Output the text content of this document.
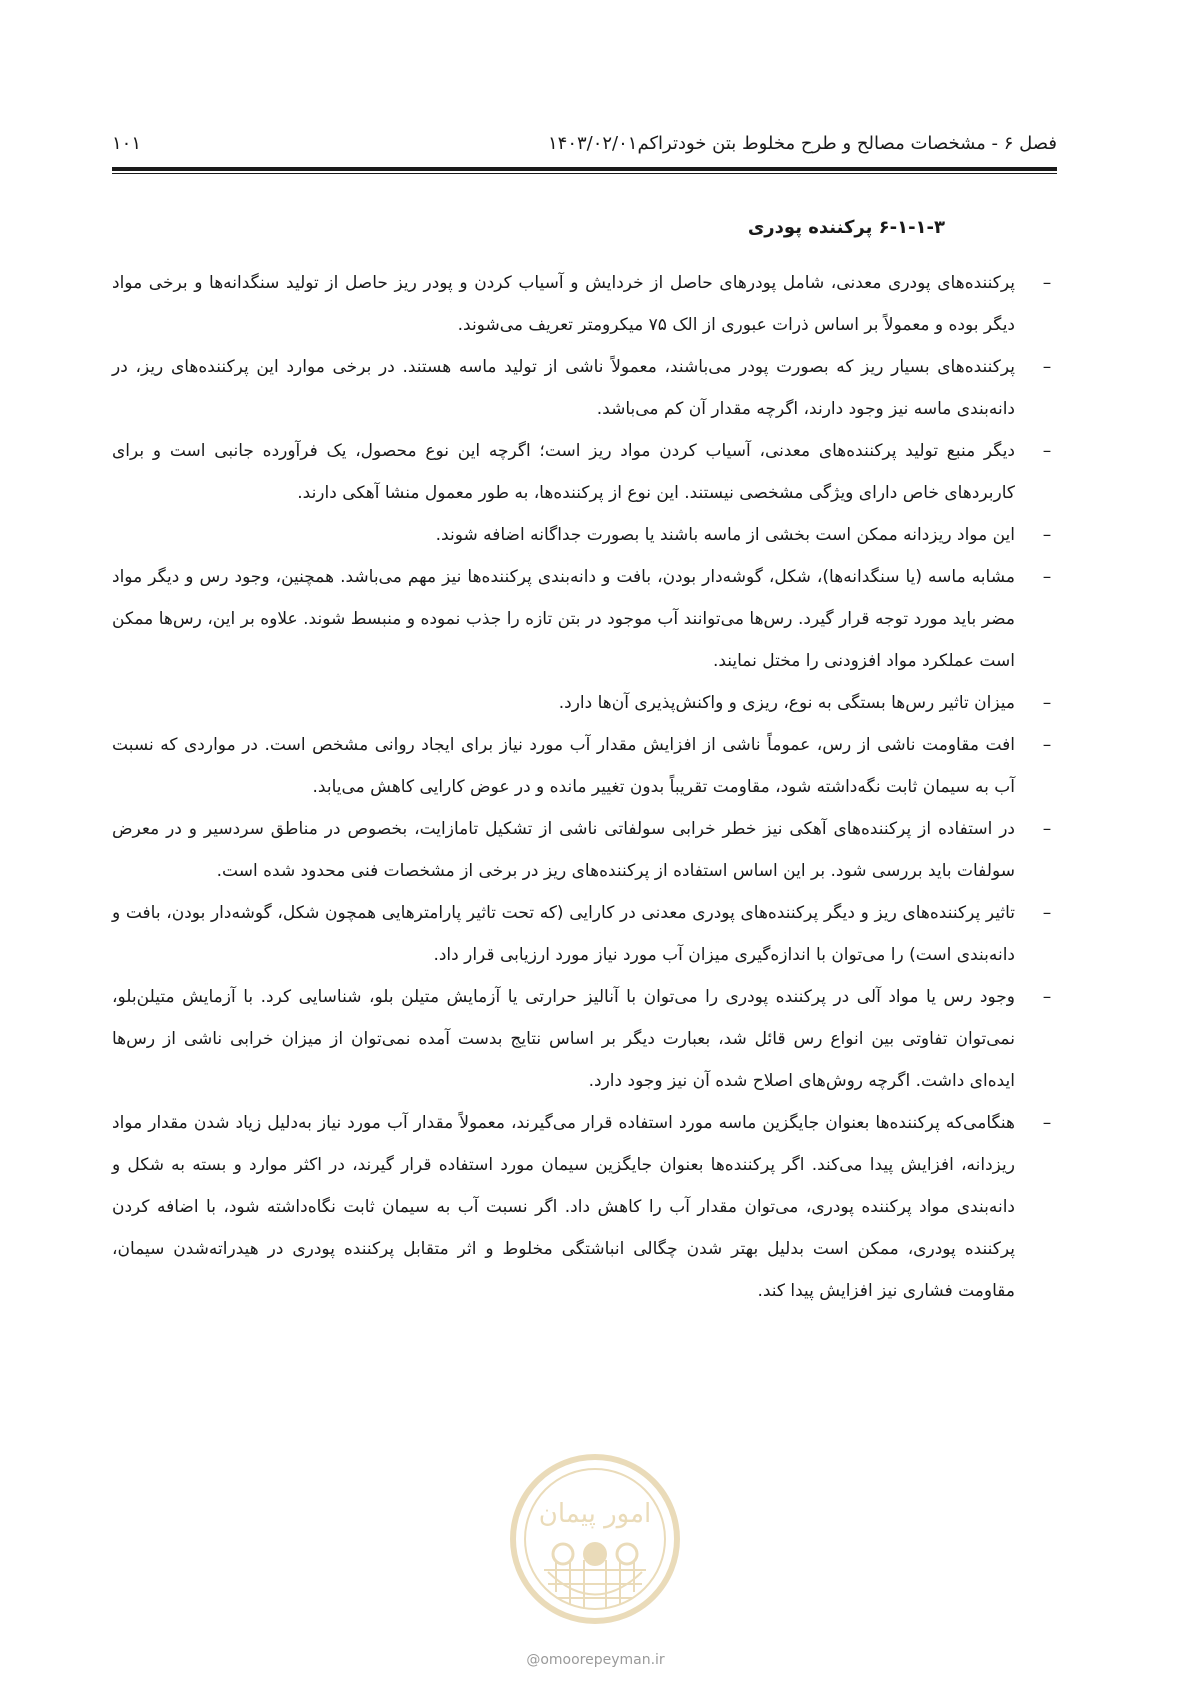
فصل ۶ - مشخصات مصالح و طرح مخلوط بتن خودتراکم۱۴۰۳/۰۲/۰۱
۱۰۱
۶-۱-۱-۳ پرکننده پودری
–
پرکننده‌های پودری معدنی، شامل پودرهای حاصل از خردایش و آسیاب کردن و پودر ریز حاصل از تولید سنگدانه‌ها و برخی مواد دیگر بوده و معمولاً بر اساس ذرات عبوری از الک ۷۵ میکرومتر تعریف می‌شوند.
–
پرکننده‌های بسیار ریز که بصورت پودر می‌باشند، معمولاً ناشی از تولید ماسه هستند. در برخی موارد این پرکننده‌های ریز، در دانه‌بندی ماسه نیز وجود دارند، اگرچه مقدار آن کم می‌باشد.
–
دیگر منبع تولید پرکننده‌های معدنی، آسیاب کردن مواد ریز است؛ اگرچه این نوع محصول، یک فرآورده جانبی است و برای کاربردهای خاص دارای ویژگی مشخصی نیستند. این نوع از پرکننده‌ها، به طور معمول منشا آهکی دارند.
–
این مواد ریزدانه ممکن است بخشی از ماسه باشند یا بصورت جداگانه اضافه شوند.
–
مشابه ماسه (یا سنگدانه‌ها)، شکل، گوشه‌دار بودن، بافت و دانه‌بندی پرکننده‌ها نیز مهم می‌باشد. همچنین، وجود رس و دیگر مواد مضر باید مورد توجه قرار گیرد. رس‌ها می‌توانند آب موجود در بتن تازه را جذب نموده و منبسط شوند. علاوه بر این، رس‌ها ممکن است عملکرد مواد افزودنی را مختل نمایند.
–
میزان تاثیر رس‌ها بستگی به نوع، ریزی و واکنش‌پذیری آن‌ها دارد.
–
افت مقاومت ناشی از رس، عموماً ناشی از افزایش مقدار آب مورد نیاز برای ایجاد روانی مشخص است. در مواردی که نسبت آب به سیمان ثابت نگه‌داشته شود، مقاومت تقریباً بدون تغییر مانده و در عوض کارایی کاهش می‌یابد.
–
در استفاده از پرکننده‌های آهکی نیز خطر خرابی سولفاتی ناشی از تشکیل تامازایت، بخصوص در مناطق سردسیر و در معرض سولفات باید بررسی شود. بر این اساس استفاده از پرکننده‌های ریز در برخی از مشخصات فنی محدود شده است.
–
تاثیر پرکننده‌های ریز و دیگر پرکننده‌های پودری معدنی در کارایی (که تحت تاثیر پارامترهایی همچون شکل، گوشه‌دار بودن، بافت و دانه‌بندی است) را می‌توان با اندازه‌گیری میزان آب مورد نیاز مورد ارزیابی قرار داد.
–
وجود رس یا مواد آلی در پرکننده پودری را می‌توان با آنالیز حرارتی یا آزمایش متیلن بلو، شناسایی کرد. با آزمایش متیلن‌بلو، نمی‌توان تفاوتی بین انواع رس قائل شد، بعبارت دیگر بر اساس نتایج بدست آمده نمی‌توان از میزان خرابی ناشی از رس‌ها ایده‌ای داشت. اگرچه روش‌های اصلاح شده آن نیز وجود دارد.
–
هنگامی‌که پرکننده‌ها بعنوان جایگزین ماسه مورد استفاده قرار می‌گیرند، معمولاً مقدار آب مورد نیاز به‌دلیل زیاد شدن مقدار مواد ریزدانه، افزایش پیدا می‌کند. اگر پرکننده‌ها بعنوان جایگزین سیمان مورد استفاده قرار گیرند، در اکثر موارد و بسته به شکل و دانه‌بندی مواد پرکننده پودری، می‌توان مقدار آب را کاهش داد. اگر نسبت آب به سیمان ثابت نگاه‌داشته شود، با اضافه کردن پرکننده پودری، ممکن است بدلیل بهتر شدن چگالی انباشتگی مخلوط و اثر متقابل پرکننده پودری در هیدراته‌شدن سیمان، مقاومت فشاری نیز افزایش پیدا کند.
امور پیمان
@omoorepeyman.ir
